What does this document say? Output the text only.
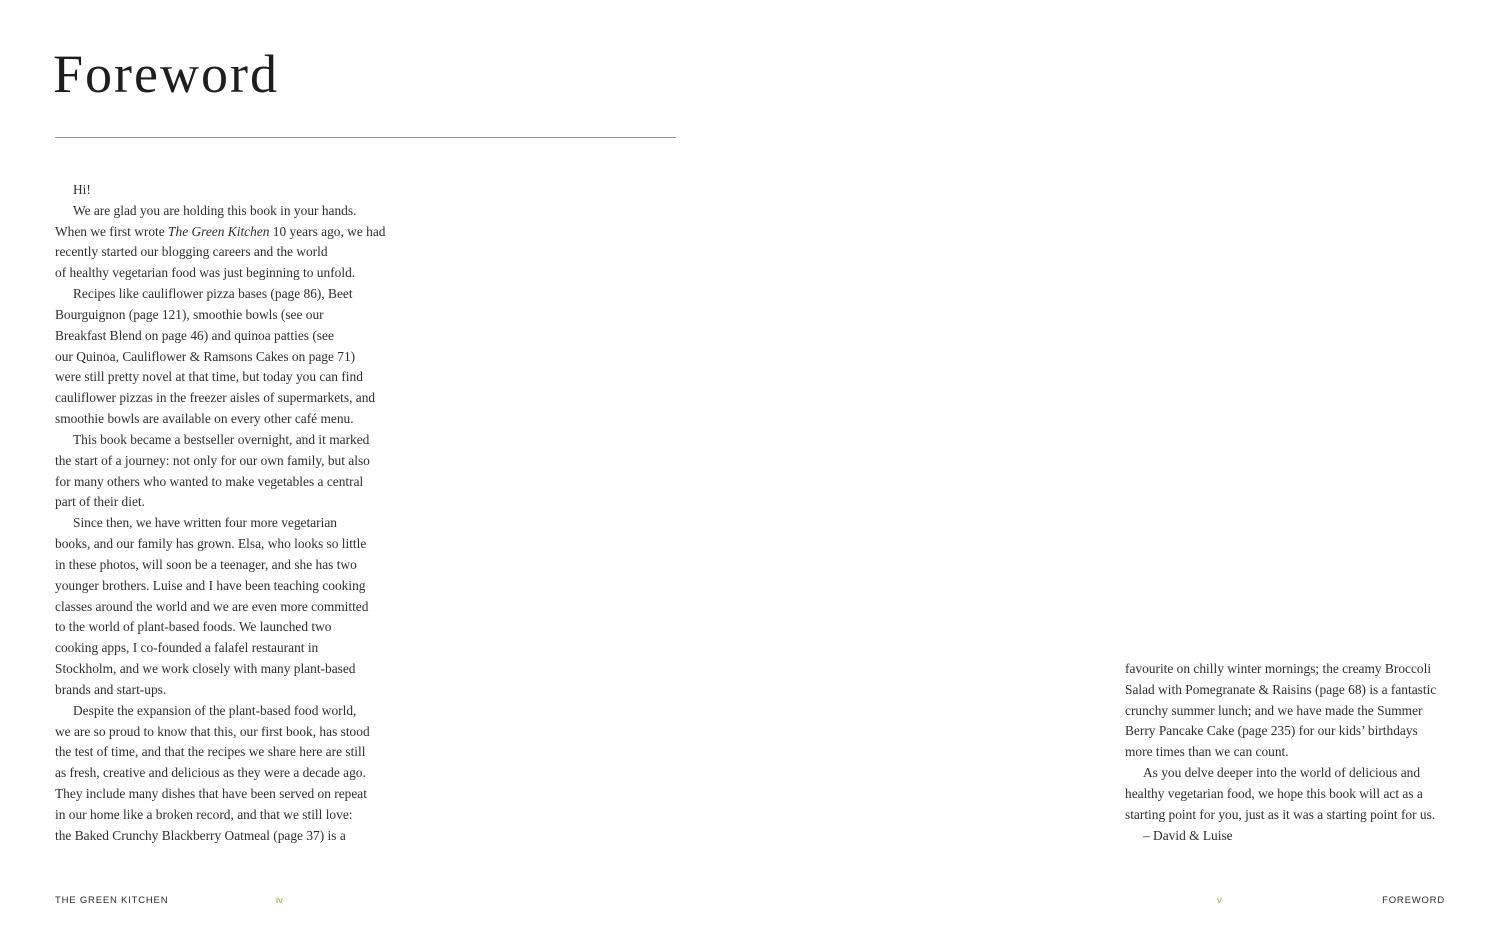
Foreword
Hi!
We are glad you are holding this book in your hands.
When we first wrote The Green Kitchen 10 years ago, we had
recently started our blogging careers and the world
of healthy vegetarian food was just beginning to unfold.
Recipes like cauliflower pizza bases (page 86), Beet
Bourguignon (page 121), smoothie bowls (see our
Breakfast Blend on page 46) and quinoa patties (see
our Quinoa, Cauliflower & Ramsons Cakes on page 71)
were still pretty novel at that time, but today you can find
cauliflower pizzas in the freezer aisles of supermarkets, and
smoothie bowls are available on every other café menu.
This book became a bestseller overnight, and it marked
the start of a journey: not only for our own family, but also
for many others who wanted to make vegetables a central
part of their diet.
Since then, we have written four more vegetarian
books, and our family has grown. Elsa, who looks so little
in these photos, will soon be a teenager, and she has two
younger brothers. Luise and I have been teaching cooking
classes around the world and we are even more committed
to the world of plant-based foods. We launched two
cooking apps, I co-founded a falafel restaurant in
Stockholm, and we work closely with many plant-based
brands and start-ups.
Despite the expansion of the plant-based food world,
we are so proud to know that this, our first book, has stood
the test of time, and that the recipes we share here are still
as fresh, creative and delicious as they were a decade ago.
They include many dishes that have been served on repeat
in our home like a broken record, and that we still love:
the Baked Crunchy Blackberry Oatmeal (page 37) is a
favourite on chilly winter mornings; the creamy Broccoli
Salad with Pomegranate & Raisins (page 68) is a fantastic
crunchy summer lunch; and we have made the Summer
Berry Pancake Cake (page 235) for our kids’ birthdays
more times than we can count.
As you delve deeper into the world of delicious and
healthy vegetarian food, we hope this book will act as a
starting point for you, just as it was a starting point for us.
– David & Luise
THE GREEN KITCHEN	iv	v	FOREWORD
